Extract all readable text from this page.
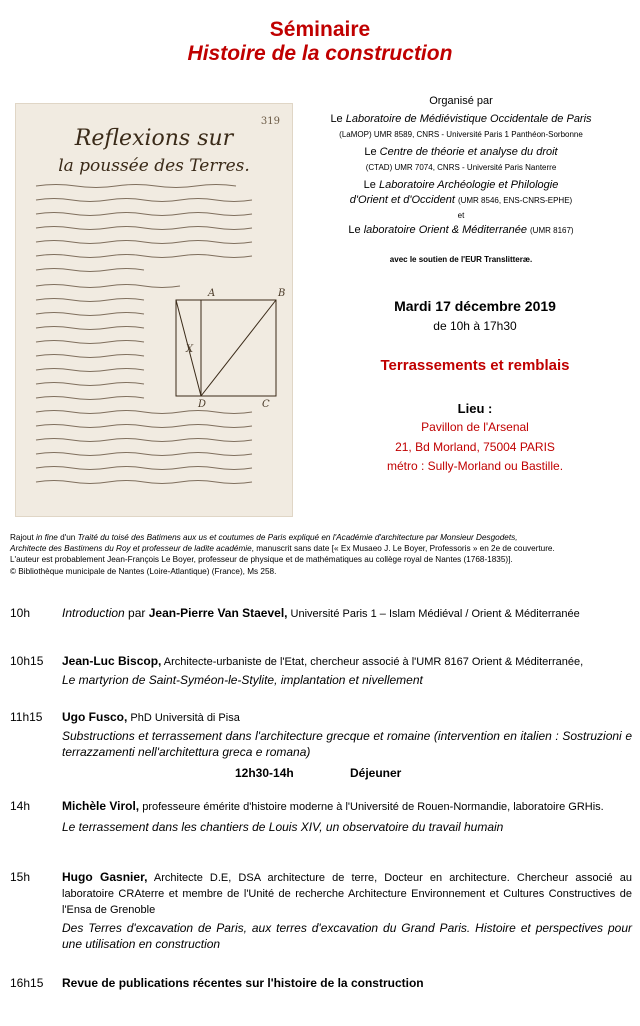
Séminaire
Histoire de la construction
319
Reflexions sur
la poussée des Terres.
A	B
D	C
X
Organisé par
Le Laboratoire de Médiévistique Occidentale de Paris
(LaMOP) UMR 8589, CNRS - Université Paris 1 Panthéon-Sorbonne
Le Centre de théorie et analyse du droit
(CTAD) UMR 7074, CNRS - Université Paris Nanterre
Le Laboratoire Archéologie et Philologie
d'Orient et d'Occident (UMR 8546, ENS-CNRS-EPHE)
et
Le laboratoire Orient & Méditerranée (UMR 8167)
avec le soutien de l'EUR Translitteræ.
Mardi 17 décembre 2019
de 10h à 17h30
Terrassements et remblais
Lieu :
Pavillon de l'Arsenal
21, Bd Morland, 75004 PARIS
métro : Sully-Morland ou Bastille.
Rajout in fine d'un Traité du toisé des Batimens aux us et coutumes de Paris expliqué en l'Académie d'architecture par Monsieur Desgodets,
Architecte des Bastimens du Roy et professeur de ladite académie, manuscrit sans date [« Ex Musaeo J. Le Boyer, Professoris » en 2e de couverture.
L'auteur est probablement Jean-François Le Boyer, professeur de physique et de mathématiques au collège royal de Nantes (1768-1835)].
© Bibliothèque municipale de Nantes (Loire-Atlantique) (France), Ms 258.
10h	Introduction par Jean-Pierre Van Staevel, Université Paris 1 – Islam Médiéval / Orient & Méditerranée
10h15 Jean-Luc Biscop, Architecte-urbaniste de l'Etat, chercheur associé à l'UMR 8167 Orient & Méditerranée,
Le martyrion de Saint-Syméon-le-Stylite, implantation et nivellement
11h15 Ugo Fusco, PhD Università di Pisa
Substructions et terrassement dans l'architecture grecque et romaine (intervention en italien : Sostruzioni e terrazzamenti nell'architettura greca e romana)
12h30-14h	Déjeuner
14h	Michèle Virol, professeure émérite d'histoire moderne à l'Université de Rouen-Normandie, laboratoire GRHis.
Le terrassement dans les chantiers de Louis XIV, un observatoire du travail humain
15h	Hugo Gasnier, Architecte D.E, DSA architecture de terre, Docteur en architecture. Chercheur associé au laboratoire CRAterre et membre de l'Unité de recherche Architecture Environnement et Cultures Constructives de l'Ensa de Grenoble
Des Terres d'excavation de Paris, aux terres d'excavation du Grand Paris. Histoire et perspectives pour une utilisation en construction
16h15 Revue de publications récentes sur l'histoire de la construction
